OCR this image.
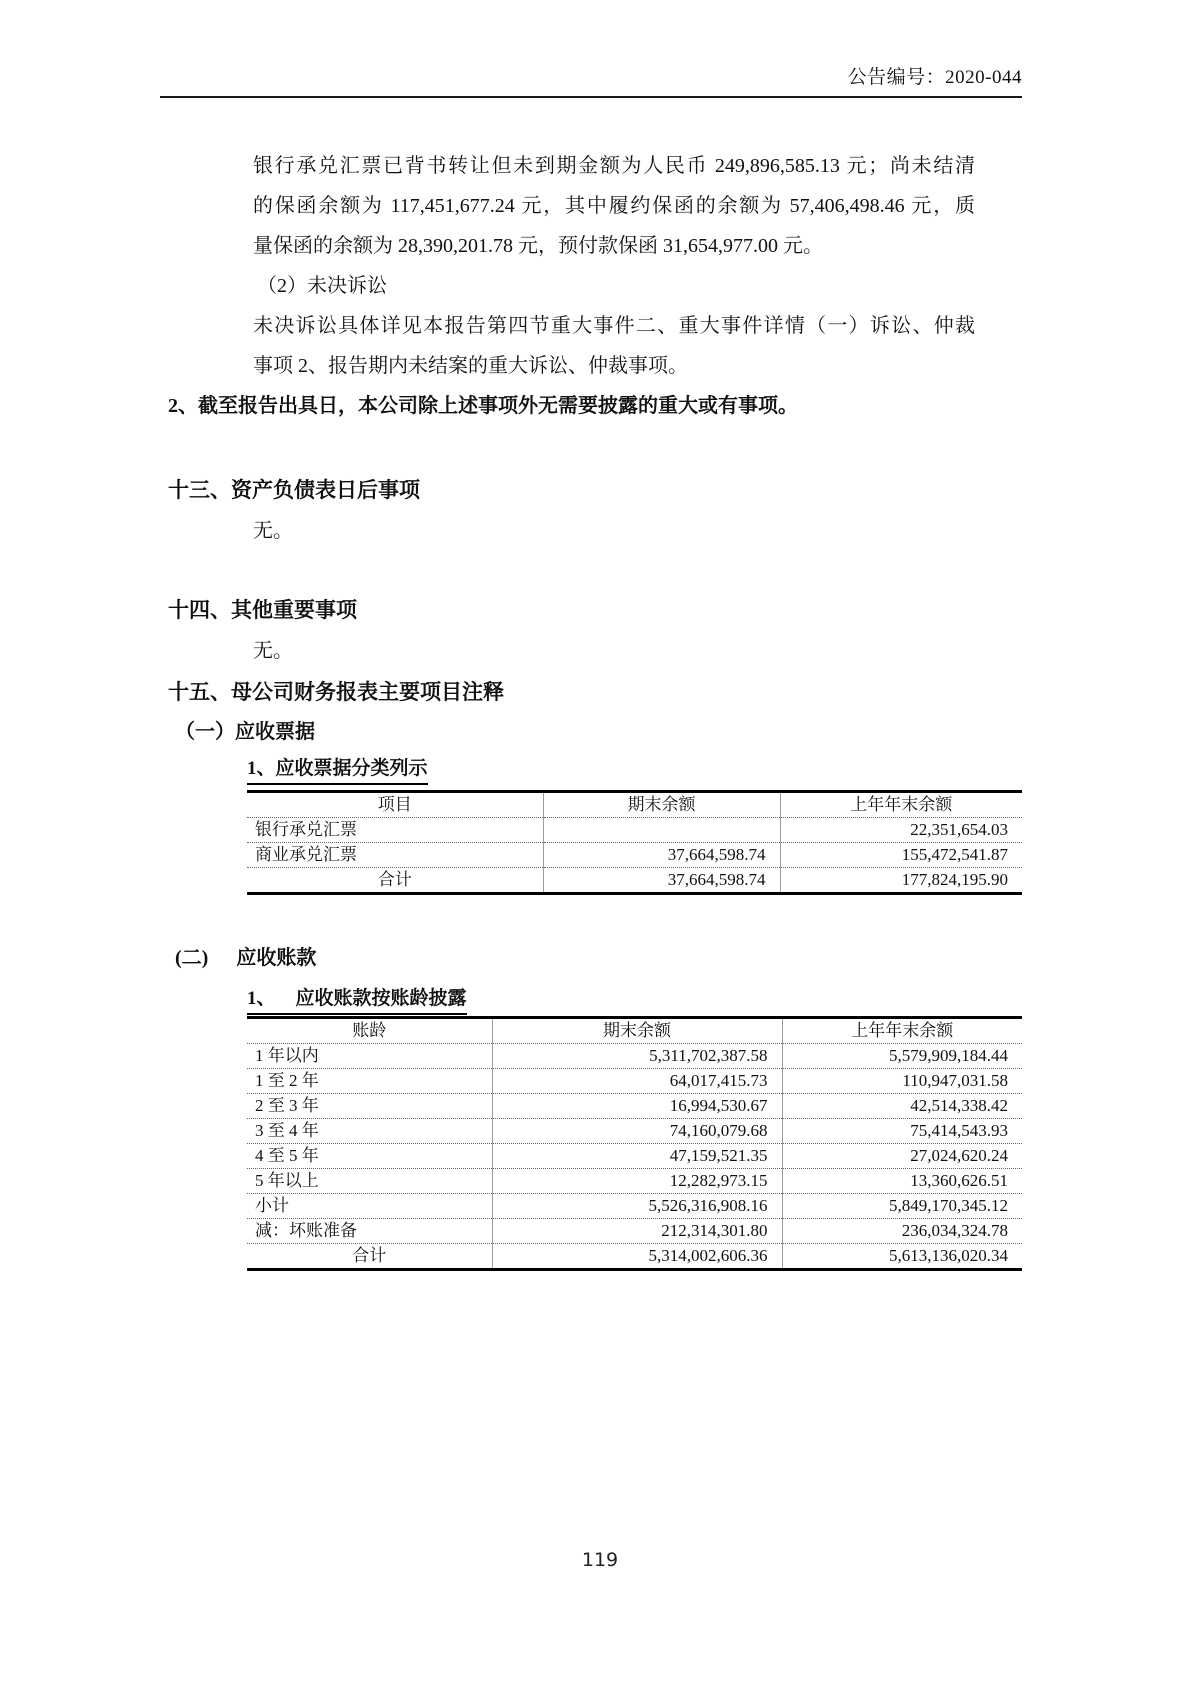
公告编号：2020-044
银行承兑汇票已背书转让但未到期金额为人民币 249,896,585.13 元；尚未结清
的保函余额为 117,451,677.24 元，其中履约保函的余额为 57,406,498.46 元，质
量保函的余额为 28,390,201.78 元，预付款保函 31,654,977.00 元。
（2）未决诉讼
未决诉讼具体详见本报告第四节重大事件二、重大事件详情（一）诉讼、仲裁
事项 2、报告期内未结案的重大诉讼、仲裁事项。
2、截至报告出具日，本公司除上述事项外无需要披露的重大或有事项。
十三、资产负债表日后事项
无。
十四、其他重要事项
无。
十五、母公司财务报表主要项目注释
（一）应收票据
1、应收票据分类列示
项目	期末余额	上年年末余额
银行承兑汇票		22,351,654.03
商业承兑汇票	37,664,598.74	155,472,541.87
合计	37,664,598.74	177,824,195.90
(二) 应收账款
1、 应收账款按账龄披露
账龄	期末余额	上年年末余额
1 年以内	5,311,702,387.58	5,579,909,184.44
1 至 2 年	64,017,415.73	110,947,031.58
2 至 3 年	16,994,530.67	42,514,338.42
3 至 4 年	74,160,079.68	75,414,543.93
4 至 5 年	47,159,521.35	27,024,620.24
5 年以上	12,282,973.15	13,360,626.51
小计	5,526,316,908.16	5,849,170,345.12
减：坏账准备	212,314,301.80	236,034,324.78
合计	5,314,002,606.36	5,613,136,020.34
119
